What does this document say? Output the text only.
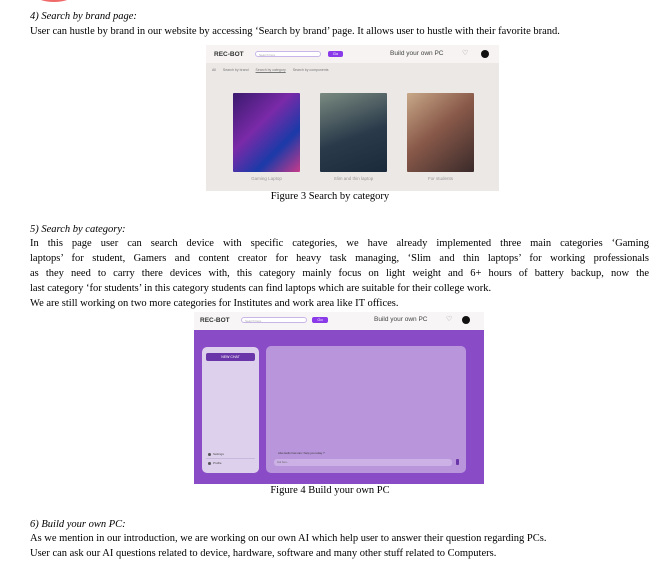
4) Search by brand page:
User can hustle by brand in our website by accessing ‘Search by brand’ page. It allows user to hustle with their favorite brand.
REC-BOT	Search here	Go	Build your own PC	♡
All Search by brand Search by category Search by components
Gaming Laptop	Slim and thin laptop	For students
Figure 3 Search by category
5) Search by category:
In this page user can search device with specific categories, we have already implemented three main categories ‘Gaming
laptops’ for student, Gamers and content creator for heavy task managing, ‘Slim and thin laptops’ for working professionals
as they need to carry there devices with, this category mainly focus on light weight and 6+ hours of battery backup, now the
last category ‘for students’ in this category students can find laptops which are suitable for their college work.
We are still working on two more categories for Institutes and work area like IT offices.
REC-BOT	Search here	Go	Build your own PC	♡
NEW CHAT
Settings
Profile
Also Hello how can I help you today ?
Ask here...
Figure 4 Build your own PC
6) Build your own PC:
As we mention in our introduction, we are working on our own AI which help user to answer their question regarding PCs.
User can ask our AI questions related to device, hardware, software and many other stuff related to Computers.
